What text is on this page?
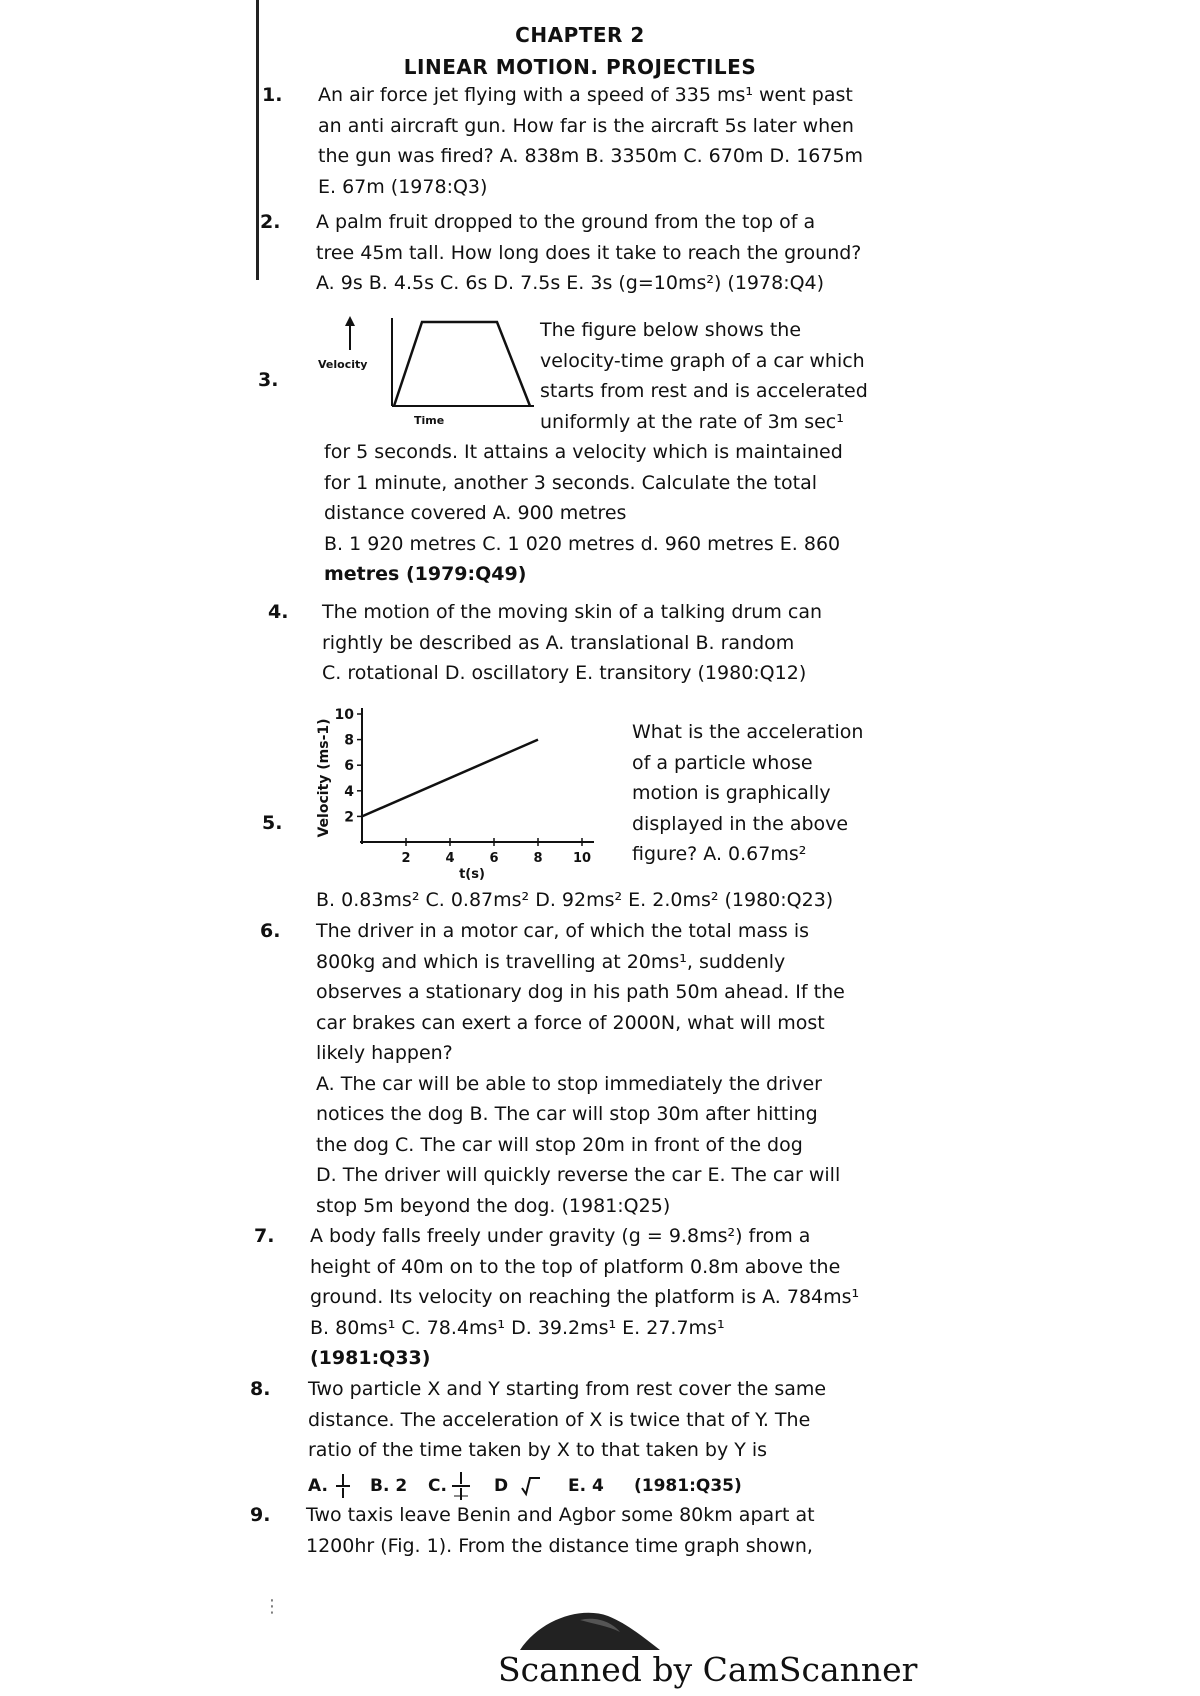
CHAPTER 2
LINEAR MOTION. PROJECTILES
1. An air force jet flying with a speed of 335 ms¹ went past
an anti aircraft gun. How far is the aircraft 5s later when
the gun was fired? A. 838m B. 3350m C. 670m D. 1675m
E. 67m (1978:Q3)

2. A palm fruit dropped to the ground from the top of a
tree 45m tall. How long does it take to reach the ground?
A. 9s B. 4.5s C. 6s D. 7.5s E. 3s (g=10ms²) (1978:Q4)

3.
Velocity
Time

The figure below shows the
velocity-time graph of a car which
starts from rest and is accelerated
uniformly at the rate of 3m sec¹

for 5 seconds. It attains a velocity which is maintained
for 1 minute, another 3 seconds. Calculate the total
distance covered A. 900 metres
B. 1 920 metres C. 1 020 metres d. 960 metres E. 860
metres (1979:Q49)

4. The motion of the moving skin of a talking drum can
rightly be described as A. translational B. random
C. rotational D. oscillatory E. transitory (1980:Q12)

5.	2
4
6
8
10
2	4	6	8 10
t(s)
Velocity (ms-1)	What is the acceleration
of a particle whose
motion is graphically
displayed in the above
figure? A. 0.67ms²

B. 0.83ms² C. 0.87ms² D. 92ms² E. 2.0ms² (1980:Q23)

6. The driver in a motor car, of which the total mass is
800kg and which is travelling at 20ms¹, suddenly
observes a stationary dog in his path 50m ahead. If the
car brakes can exert a force of 2000N, what will most
likely happen?
A. The car will be able to stop immediately the driver
notices the dog B. The car will stop 30m after hitting
the dog C. The car will stop 20m in front of the dog
D. The driver will quickly reverse the car E. The car will
stop 5m beyond the dog. (1981:Q25)

7. A body falls freely under gravity (g = 9.8ms²) from a
height of 40m on to the top of platform 0.8m above the
ground. Its velocity on reaching the platform is A. 784ms¹
B. 80ms¹ C. 78.4ms¹ D. 39.2ms¹ E. 27.7ms¹
(1981:Q33)

8. Two particle X and Y starting from rest cover the same
distance. The acceleration of X is twice that of Y. The
ratio of the time taken by X to that taken by Y is

A. B. 2 C.	D	E. 4 (1981:Q35)
9. Two taxis leave Benin and Agbor some 80km apart at
1200hr (Fig. 1). From the distance time graph shown,

⋮
Scanned by CamScanner
